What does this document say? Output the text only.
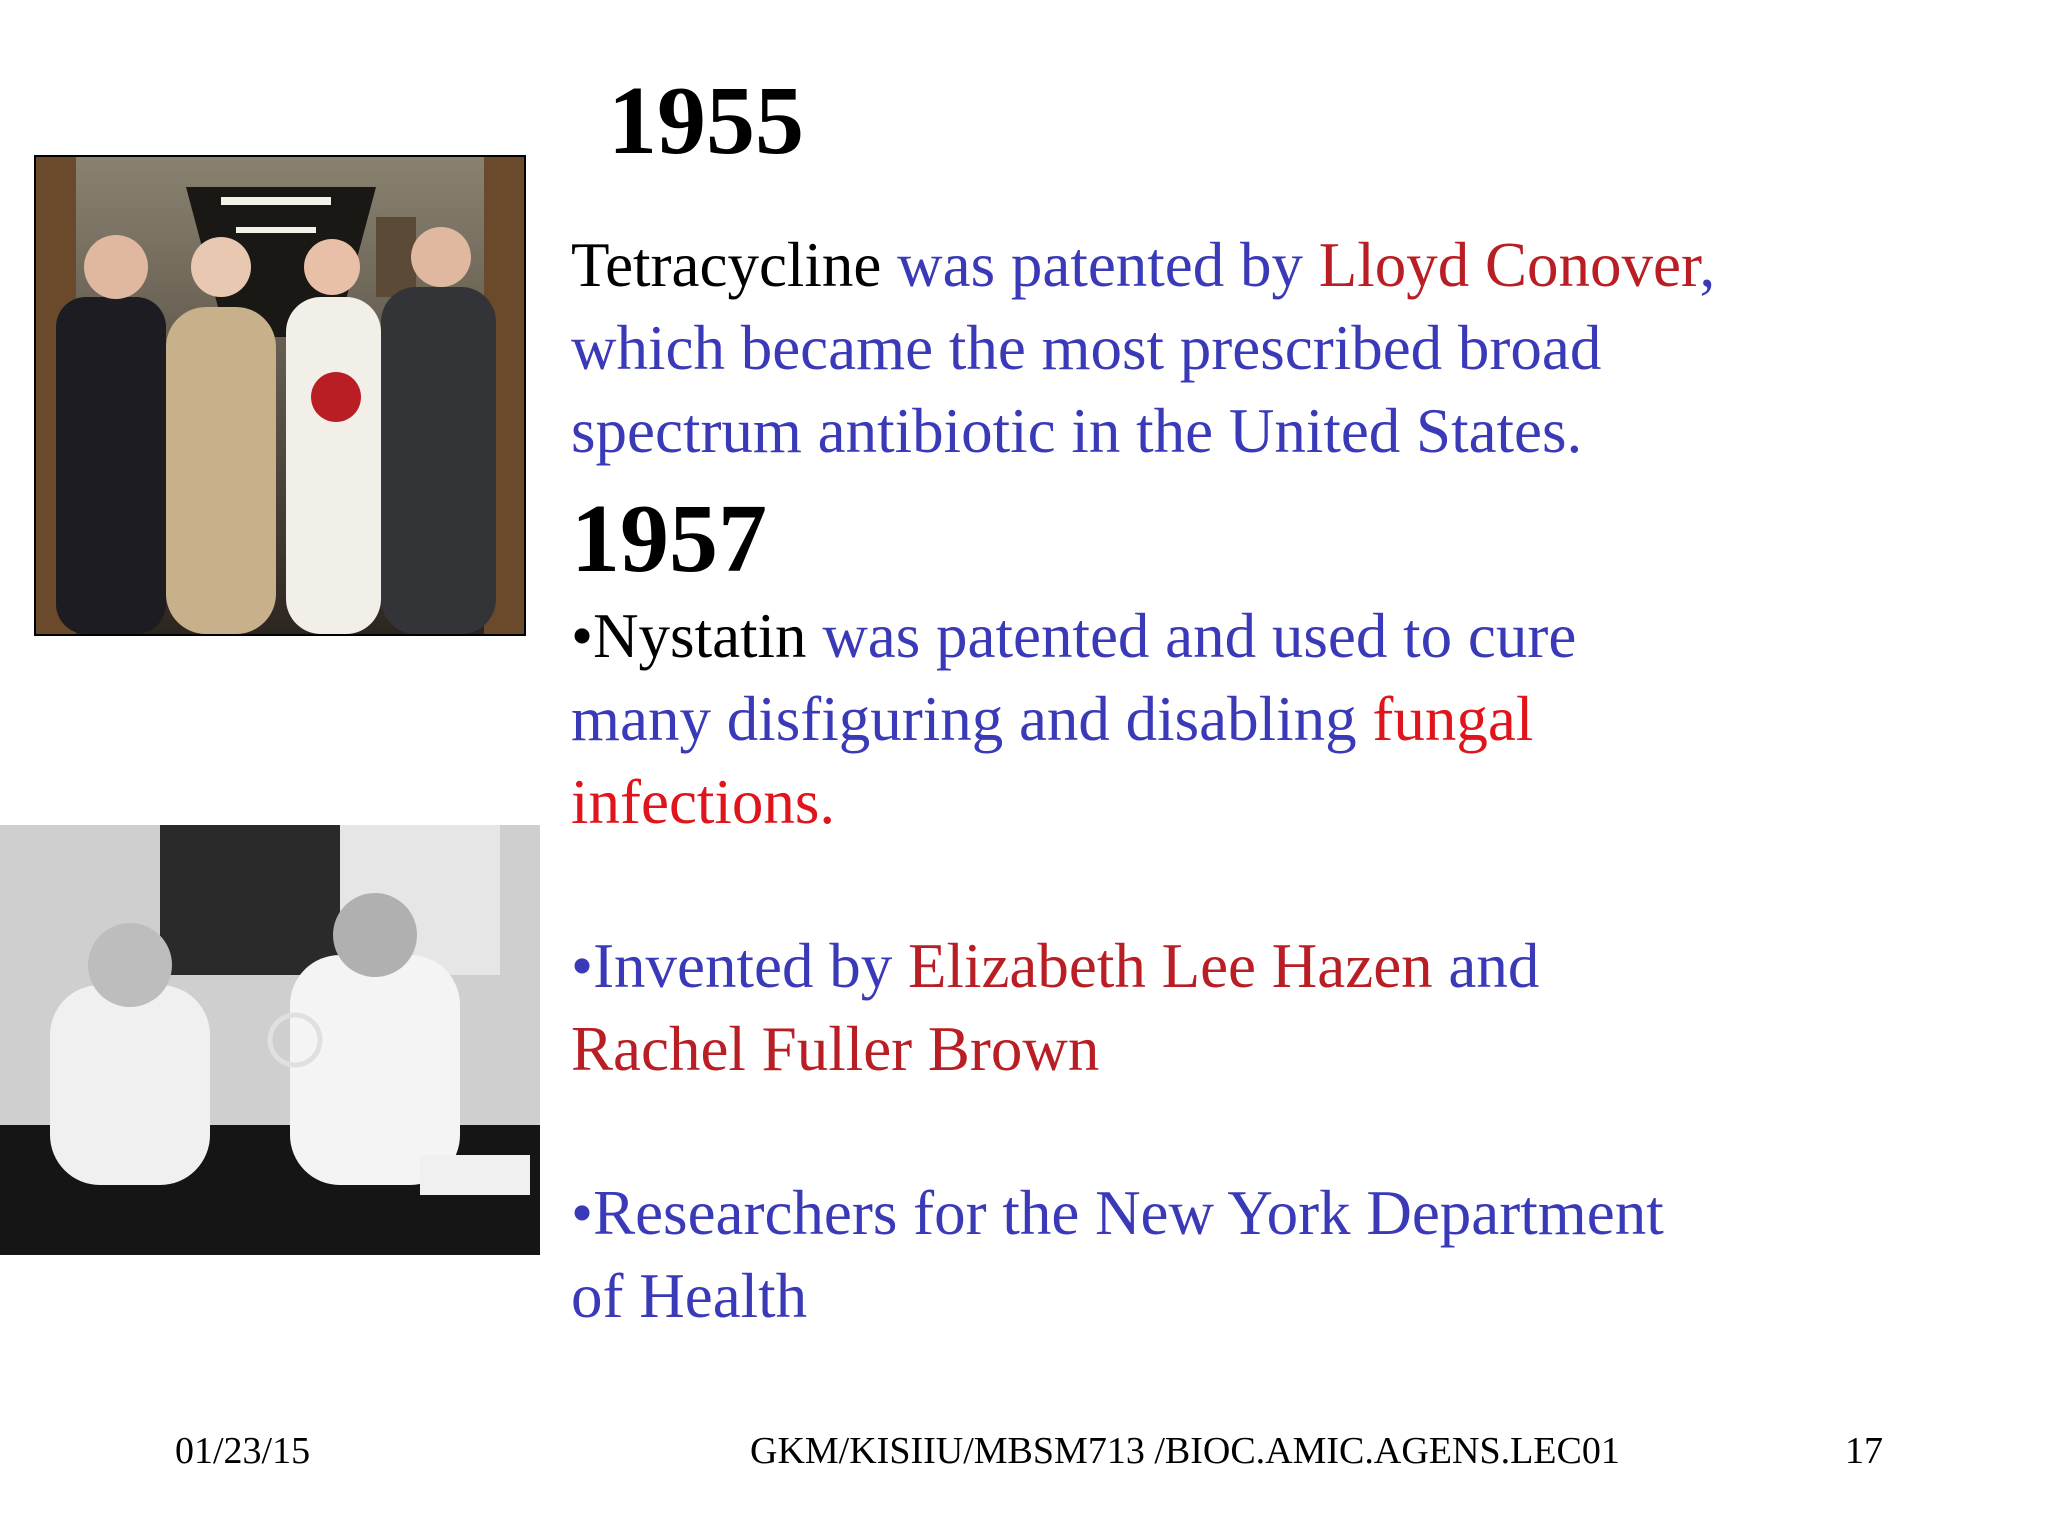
1955
Tetracycline was patented by Lloyd Conover,
which became the most prescribed broad
spectrum antibiotic in the United States.
1957
•Nystatin was patented and used to cure
many disfiguring and disabling fungal
infections.
•Invented by Elizabeth Lee Hazen and
Rachel Fuller Brown
•Researchers for the New York Department
of Health
01/23/15	GKM/KISIIU/MBSM713 /BIOC.AMIC.AGENS.LEC01	17
